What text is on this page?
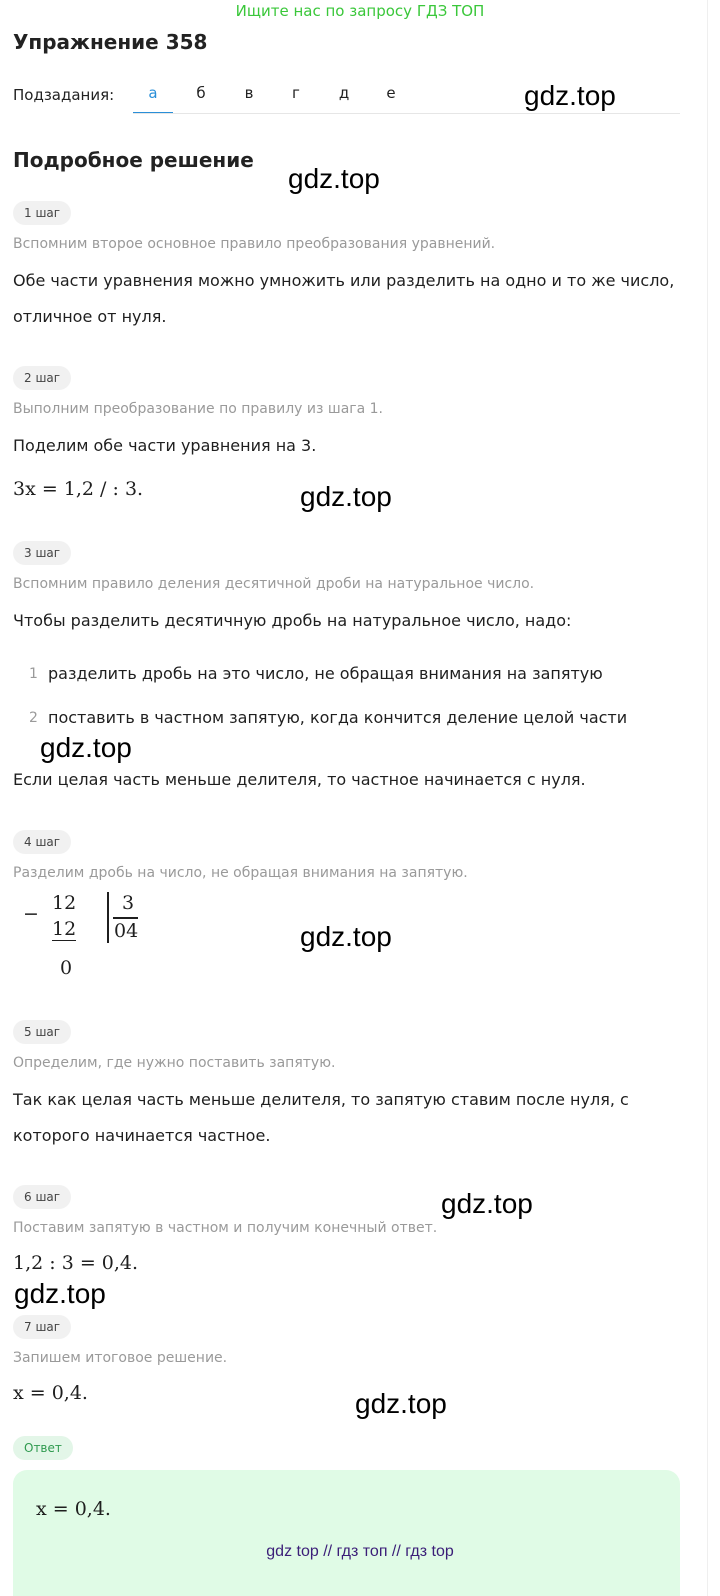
Ищите нас по запросу ГДЗ ТОП
Упражнение 358
Подзадания:	а	б	в	г	д	е	gdz.top
Подробное решение
gdz.top
1 шаг
Вспомним второе основное правило преобразования уравнений.
Обе части уравнения можно умножить или разделить на одно и то же число,
отличное от нуля.
2 шаг
Выполним преобразование по правилу из шага 1.
Поделим обе части уравнения на 3.
3x = 1,2 / : 3.	gdz.top
3 шаг
Вспомним правило деления десятичной дроби на натуральное число.
Чтобы разделить десятичную дробь на натуральное число, надо:
1 разделить дробь на это число, не обращая внимания на запятую
2 поставить в частном запятую, когда кончится деление целой части
gdz.top
Если целая часть меньше делителя, то частное начинается с нуля.
4 шаг
Разделим дробь на число, не обращая внимания на запятую.
− 12
12
0
3
04	gdz.top
5 шаг
Определим, где нужно поставить запятую.
Так как целая часть меньше делителя, то запятую ставим после нуля, с
которого начинается частное.
6 шаг	gdz.top
Поставим запятую в частном и получим конечный ответ.
1,2 : 3 = 0,4.
gdz.top
7 шаг
Запишем итоговое решение.
x = 0,4.	gdz.top
Ответ
x = 0,4.
gdz top // гдз топ // гдз top
